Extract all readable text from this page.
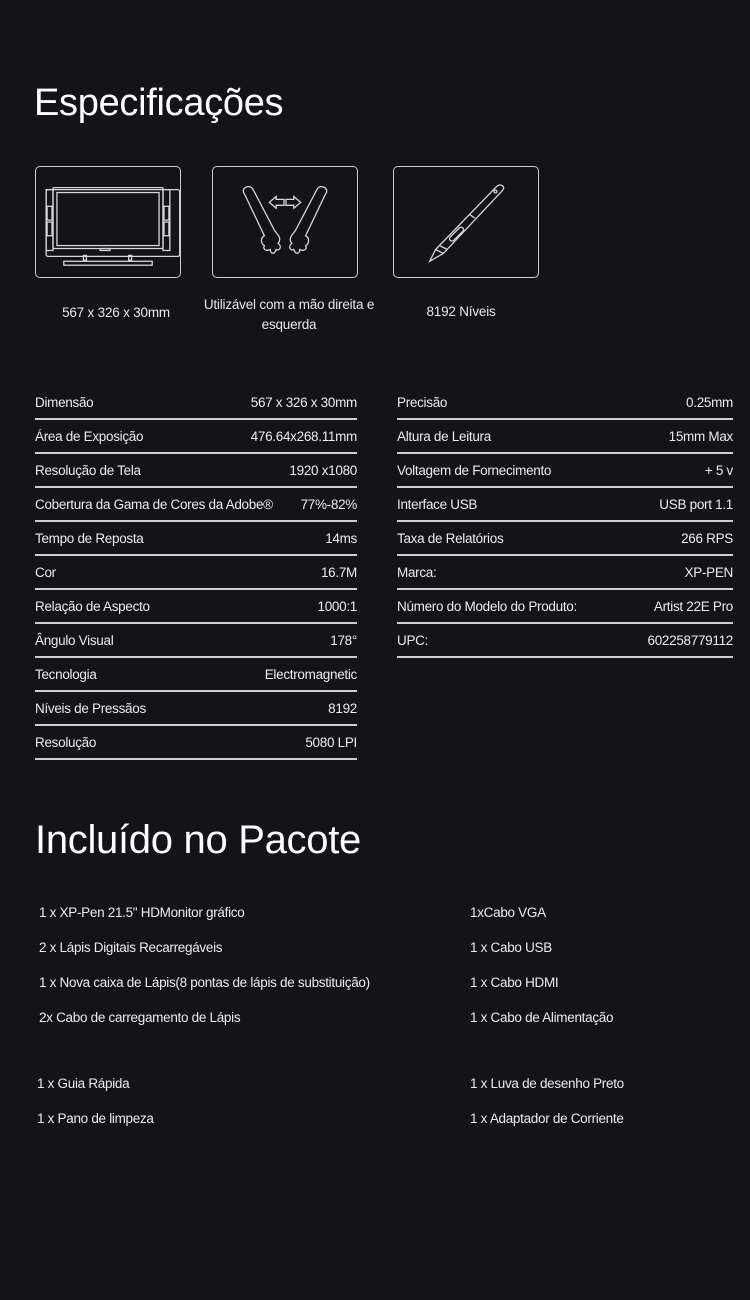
Especificações
567 x 326 x 30mm
Utilizável com a mão direita e esquerda
8192 Níveis
Dimensão	567 x 326 x 30mm
Área de Exposição	476.64x268.11mm
Resolução de Tela	1920 x1080
Cobertura da Gama de Cores da Adobe® 77%-82%
Tempo de Reposta	14ms
Cor	16.7M
Relação de Aspecto	1000:1
Ângulo Visual	178°
Tecnologia	Electromagnetic
Níveis de Pressãos	8192
Resolução	5080 LPI
Precisão	0.25mm
Altura de Leitura	15mm Max
Voltagem de Fornecimento	+ 5 v
Interface USB	USB port 1.1
Taxa de Relatórios	266 RPS
Marca:	XP-PEN
Número do Modelo do Produto:	Artist 22E Pro
UPC:	602258779112
Incluído no Pacote
1 x XP-Pen 21.5" HDMonitor gráfico
2 x Lápis Digitais Recarregáveis
1 x Nova caixa de Lápis(8 pontas de lápis de substituição)
2x Cabo de carregamento de Lápis
1xCabo VGA
1 x Cabo USB
1 x Cabo HDMI
1 x Cabo de Alimentação
1 x Guia Rápida
1 x Pano de limpeza
1 x Luva de desenho Preto
1 x Adaptador de Corriente
